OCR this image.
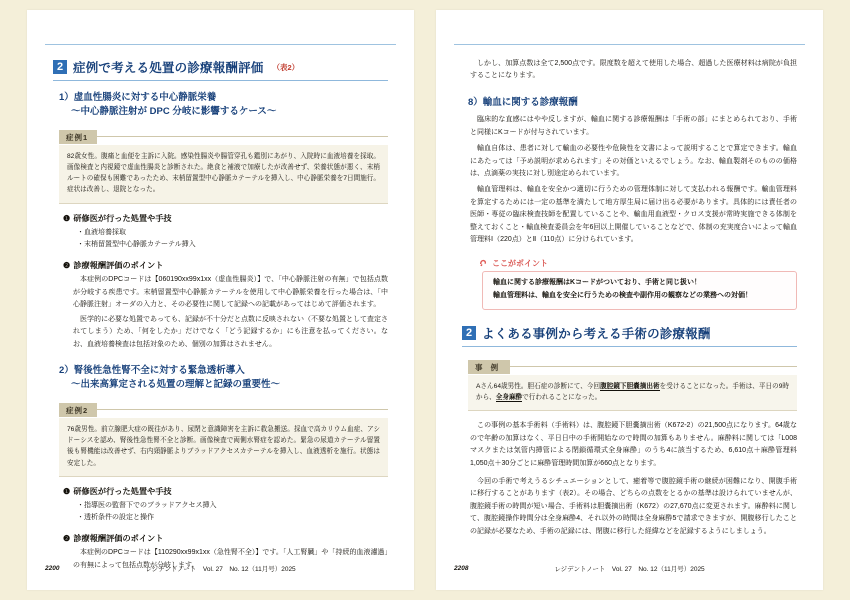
2 症例で考える処置の診療報酬評価 （表2）
1）虚血性腸炎に対する中心静脈栄養
〜中心静脈注射が DPC 分岐に影響するケース〜
症例1
82歳女性。腹痛と血便を主訴に入院。感染性腸炎や腸管穿孔も鑑別にあがり、入院時に血液培養を採取。画像検査と内視鏡で虚血性腸炎と診断された。絶食と補液で加療したが改善せず、栄養状態が悪く、末梢ルートの確保も困難であったため、末梢留置型中心静脈カテーテルを挿入し、中心静脈栄養を7日間施行。症状は改善し、退院となった。
❶ 研修医が行った処置や手技
・ 血液培養採取
・ 末梢留置型中心静脈カテーテル挿入
❷ 診療報酬評価のポイント
本症例のDPCコードは【060190xx99x1xx（虚血性腸炎）】で、「中心静脈注射の有無」で包括点数が分岐する疾患です。末梢留置型中心静脈カテーテルを使用して中心静脈栄養を行った場合は、「中心静脈注射」オーダの入力と、その必要性に関して記録への記載があってはじめて評価されます。
医学的に必要な処置であっても、記録が不十分だと点数に反映されない（不要な処置として査定されてしまう）ため、「何をしたか」だけでなく「どう記録するか」にも注意を払ってください。なお、血液培養検査は包括対象のため、個別の加算はされません。
2）腎後性急性腎不全に対する緊急透析導入
〜出来高算定される処置の理解と記録の重要性〜
症例2
76歳男性。前立腺肥大症の既往があり、尿閉と意識障害を主訴に救急搬送。採血で高カリウム血症、アシドーシスを認め、腎後性急性腎不全と診断。画像検査で両側水腎症を認めた。緊急の尿道カテーテル留置後も腎機能は改善せず、右内頸静脈よりブラッドアクセスカテーテルを挿入し、血液透析を施行。状態は安定した。
❶ 研修医が行った処置や手技
・ 指導医の監督下でのブラッドアクセス挿入
・ 透析条件の設定と操作
❷ 診療報酬評価のポイント
本症例のDPCコードは【110290xx99x1xx（急性腎不全）】です。「人工腎臓」や「持続的血液濾過」の有無によって包括点数が分岐します。
2200	レジデントノート　Vol. 27　No. 12（11月号）2025
しかし、加算点数は全て2,500点です。限度数を超えて使用した場合、超過した医療材料は病院が負担することになります。
8）輸血に関する診療報酬
臨床的な直感にはやや反しますが、輸血に関する診療報酬は「手術の部」にまとめられており、手術と同様にKコードが付与されています。
輸血自体は、患者に対して輸血の必要性や危険性を文書によって説明することで算定できます。輸血にあたっては「予め説明が求められます」その対価といえるでしょう。なお、輸血製剤そのものの価格は、点滴薬の実技に対し別途定められています。
輸血管理料は、輸血を安全かつ適切に行うための管理体制に対して支払われる報酬です。輸血管理料を算定するためには一定の基準を満たして地方厚生局に届け出る必要があります。具体的には責任者の医師・専従の臨床検査技師を配置していることや、輸血用血液型・クロス支援が常時実施できる体制を整えておくこと・輸血検査委員会を年6回以上開催していることなどで、体制の充実度合いによって輸血管理料Ⅰ（220点）とⅡ（110点）に分けられています。
ここがポイント
輸血に関する診療報酬はKコードがついており、手術と同じ扱い！
輸血管理料は、輸血を安全に行うための検査や副作用の観察などの業務への対価！
2 よくある事例から考える手術の診療報酬
事 例
Aさん64歳男性。胆石症の診断にて、今回腹腔鏡下胆嚢摘出術を受けることになった。手術は、平日の9時から、全身麻酔で行われることになった。
この事例の基本手術料（手術料）は、腹腔鏡下胆嚢摘出術（K672-2）の21,500点になります。64歳なので年齢の加算はなく、平日日中の手術開始なので時間の加算もありません。麻酔料に関しては「L008マスクまたは気管内挿管による閉鎖循環式全身麻酔」のうち4に該当するため、6,610点＋麻酔管理料1,050点＋30分ごとに麻酔管理時間加算が660点となります。
今回の手術で考えうるシチュエーションとして、癒着等で腹腔鏡手術の継続が困難になり、開腹手術に移行することがあります（表2）。その場合、どちらの点数をとるかの基準は設けられていませんが、腹腔鏡手術の時間が短い場合、手術料は胆嚢摘出術（K672）の27,670点に変更されます。麻酔料に関して、腹腔鏡操作時間分は全身麻酔4、それ以外の時間は全身麻酔5で請求できますが、開腹移行したことの記録が必要なため、手術の記録には、閉腹に移行した経緯などを記録するようにしましょう。
2208	レジデントノート　Vol. 27　No. 12（11月号）2025
